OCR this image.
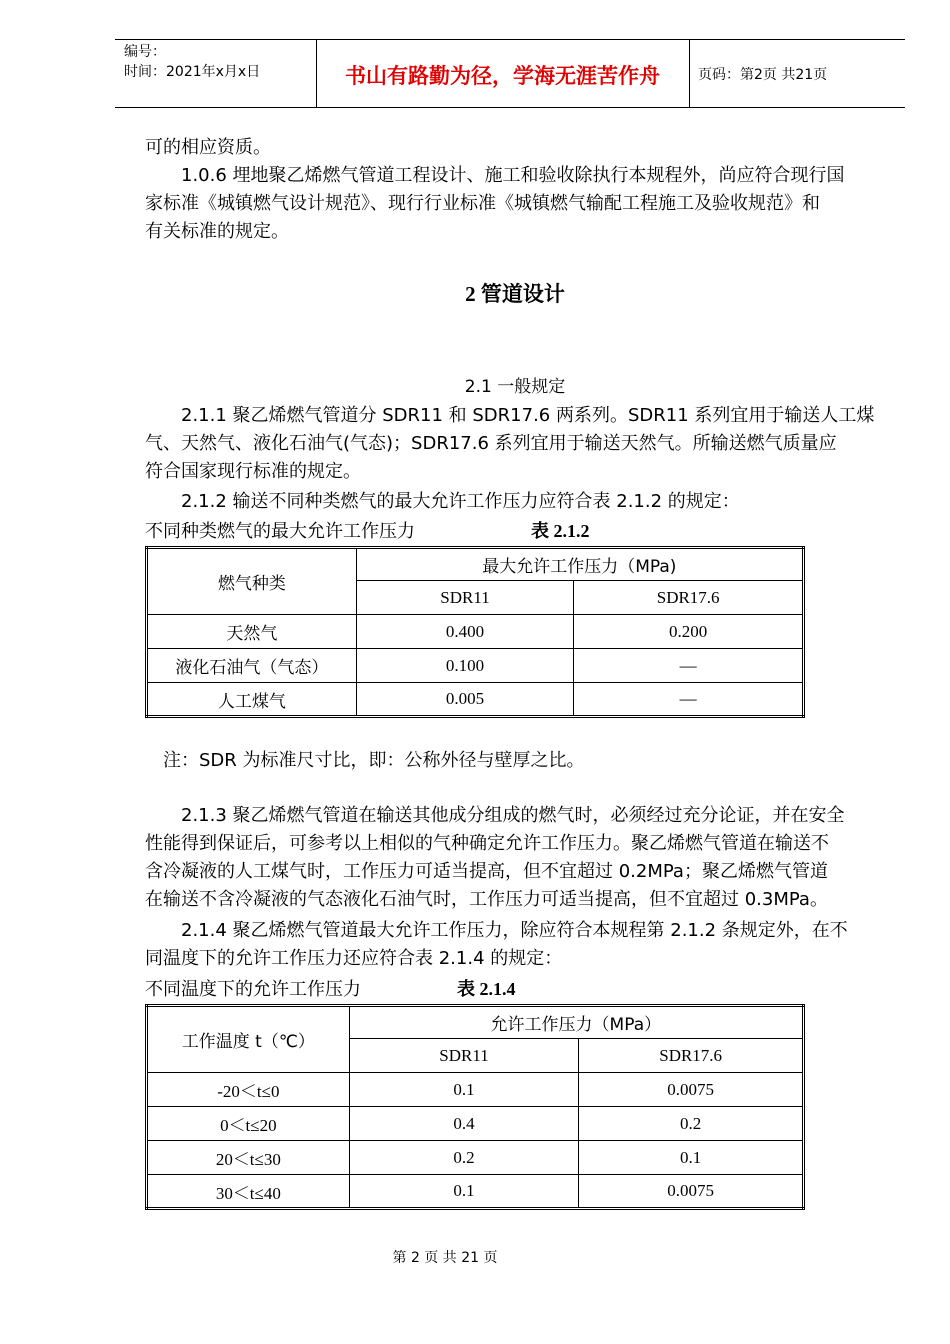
编号：
时间：2021年x月x日	书山有路勤为径，学海无涯苦作舟	页码：第2页 共21页
可的相应资质。
1.0.6 埋地聚乙烯燃气管道工程设计、施工和验收除执行本规程外，尚应符合现行国
家标准《城镇燃气设计规范》、现行行业标准《城镇燃气输配工程施工及验收规范》和
有关标准的规定。
2 管道设计
2.1 一般规定
2.1.1 聚乙烯燃气管道分 SDR11 和 SDR17.6 两系列。SDR11 系列宜用于输送人工煤
气、天然气、液化石油气(气态)；SDR17.6 系列宜用于输送天然气。所输送燃气质量应
符合国家现行标准的规定。
2.1.2 输送不同种类燃气的最大允许工作压力应符合表 2.1.2 的规定：
不同种类燃气的最大允许工作压力	表 2.1.2
燃气种类	最大允许工作压力（MPa)	
	SDR11	SDR17.6
天然气	0.400	0.200
液化石油气（气态）	0.100	—
人工煤气	0.005	—
注：SDR 为标准尺寸比，即：公称外径与壁厚之比。
2.1.3 聚乙烯燃气管道在输送其他成分组成的燃气时，必须经过充分论证，并在安全
性能得到保证后，可参考以上相似的气种确定允许工作压力。聚乙烯燃气管道在输送不
含冷凝液的人工煤气时，工作压力可适当提高，但不宜超过 0.2MPa；聚乙烯燃气管道
在输送不含冷凝液的气态液化石油气时，工作压力可适当提高，但不宜超过 0.3MPa。
2.1.4 聚乙烯燃气管道最大允许工作压力，除应符合本规程第 2.1.2 条规定外，在不
同温度下的允许工作压力还应符合表 2.1.4 的规定：
不同温度下的允许工作压力	表 2.1.4
工作温度 t（℃）	允许工作压力（MPa）	
	SDR11	SDR17.6
-20＜t≤0	0.1	0.0075
0＜t≤20	0.4	0.2
20＜t≤30	0.2	0.1
30＜t≤40	0.1	0.0075
第 2 页 共 21 页
